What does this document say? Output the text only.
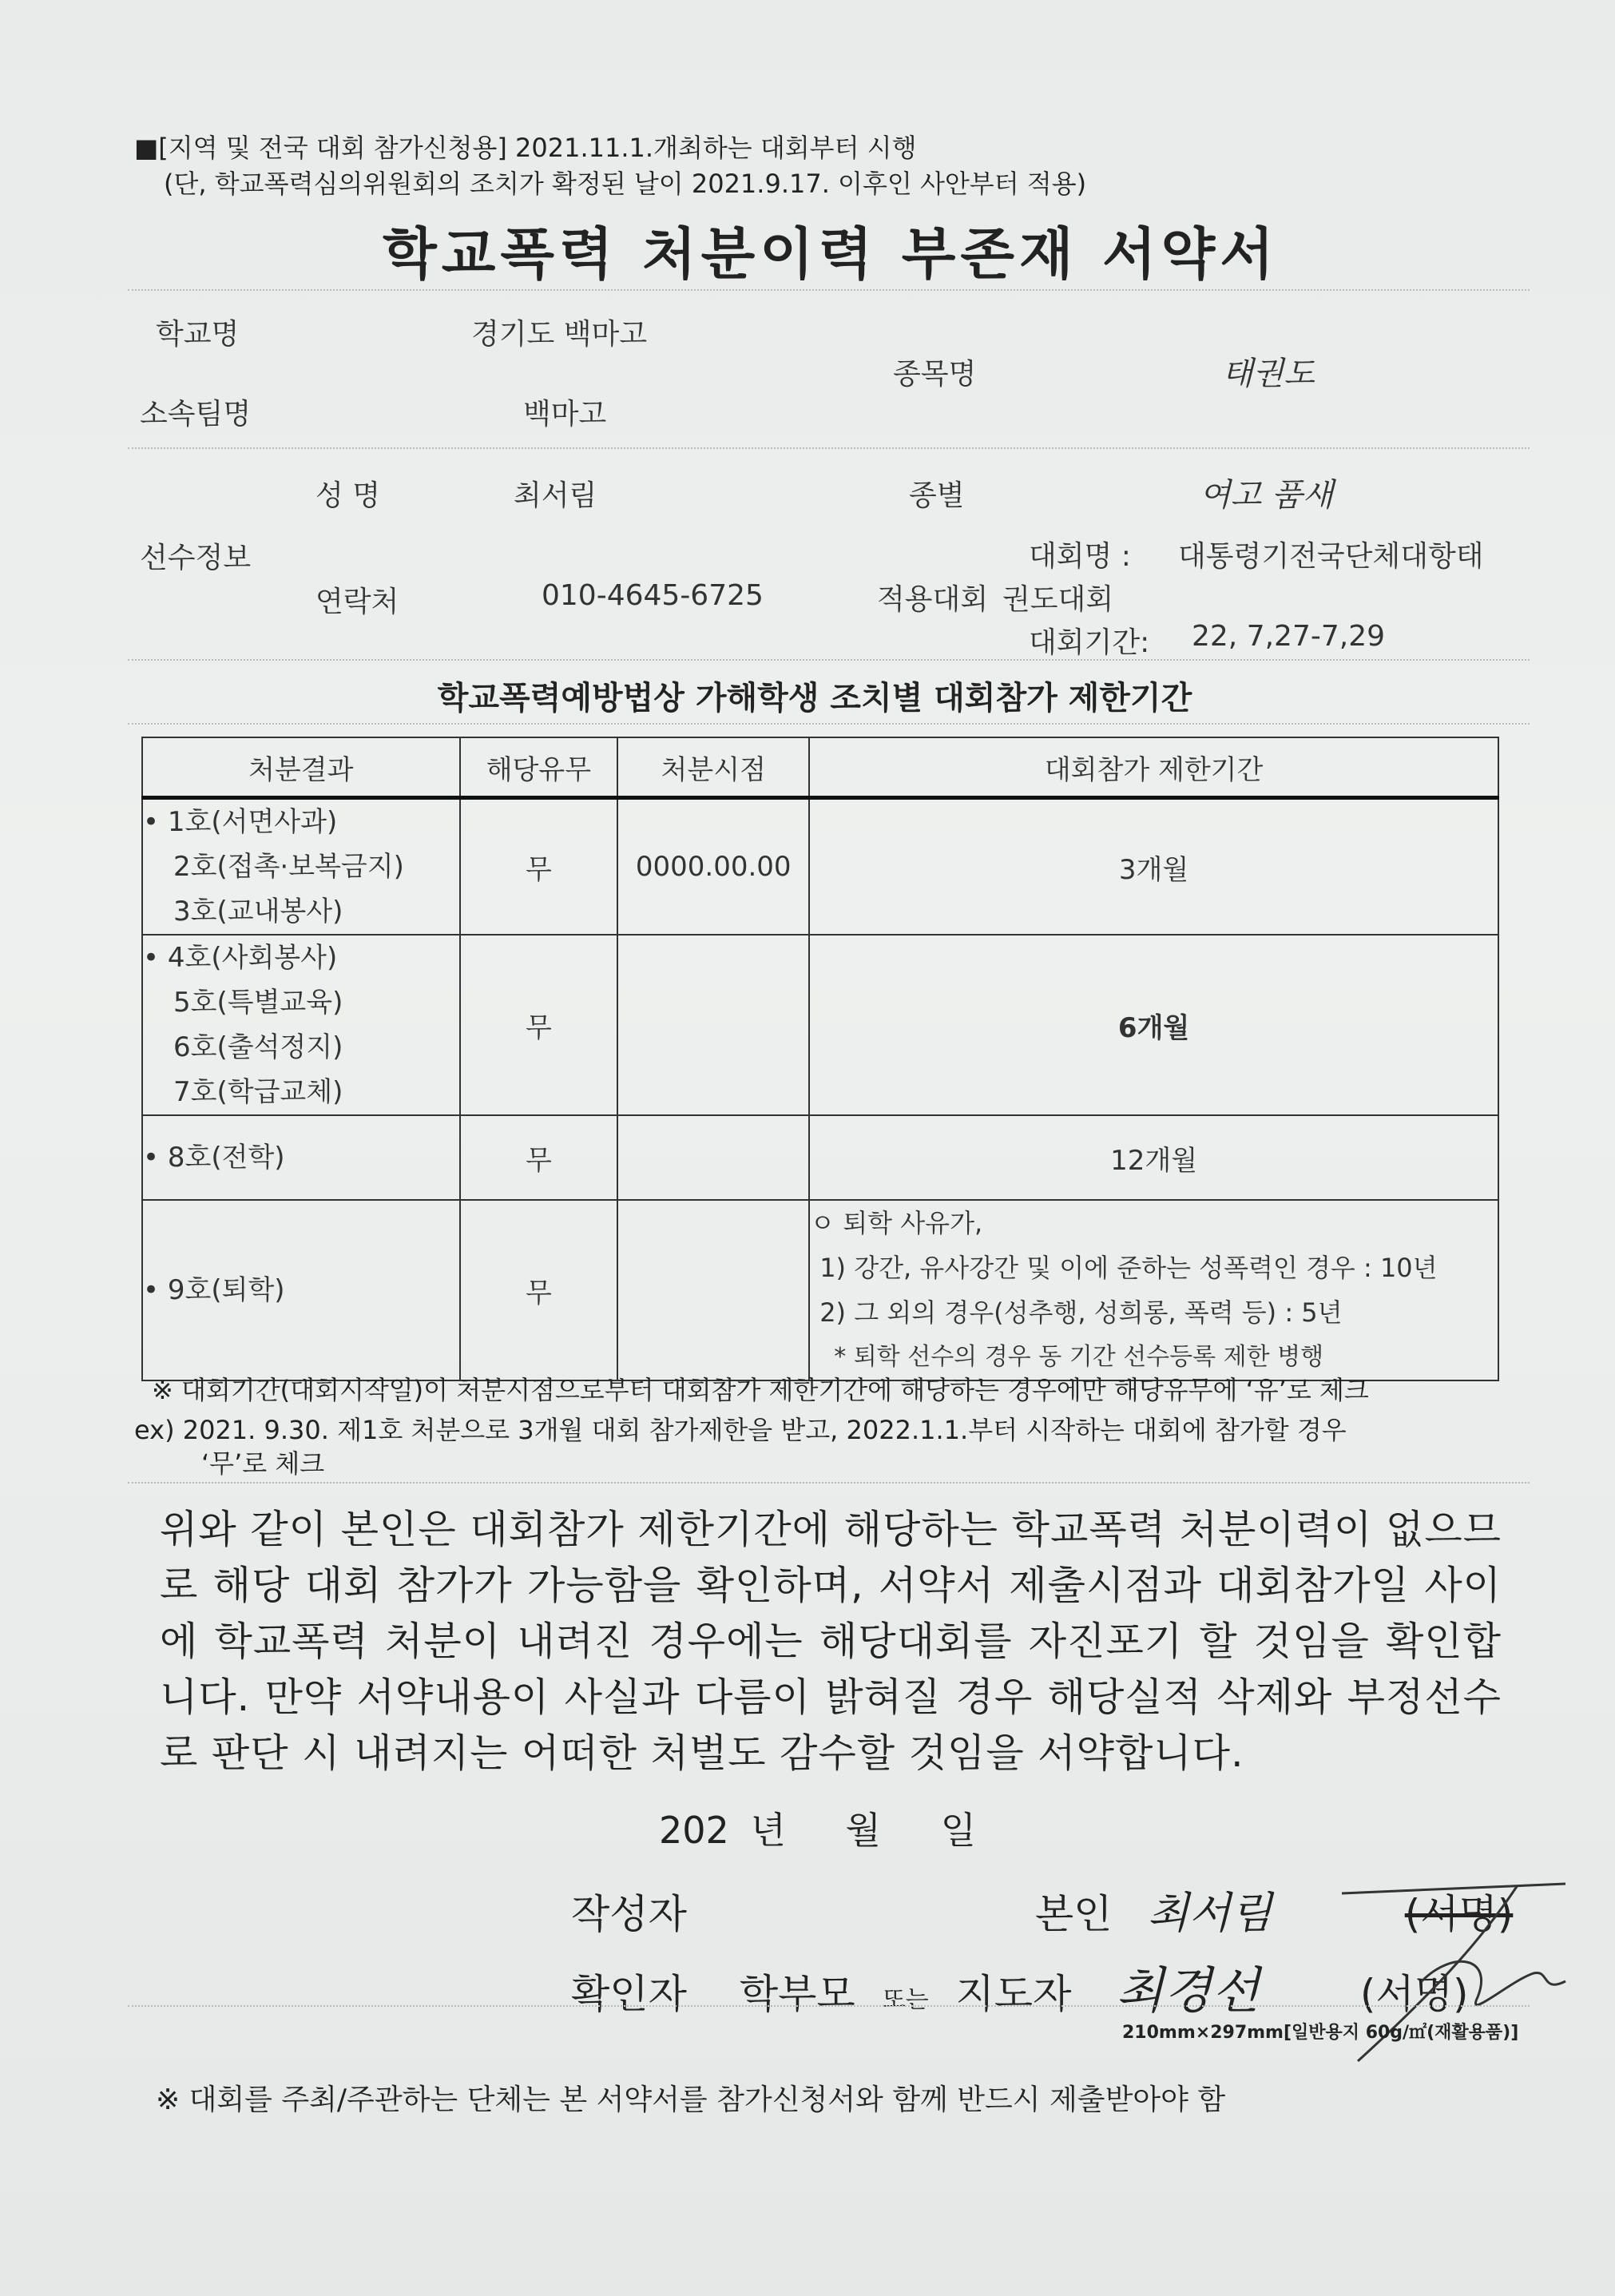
■[지역 및 전국 대회 참가신청용] 2021.11.1.개최하는 대회부터 시행
(단, 학교폭력심의위원회의 조치가 확정된 날이 2021.9.17. 이후인 사안부터 적용)
학교폭력 처분이력 부존재 서약서
학교명	경기도 백마고
종목명	태권도
소속팀명	백마고
성 명	최서림	종별	여고 품새
선수정보	대회명 : 대통령기전국단체대항태
연락처	010-4645-6725	적용대회 권도대회
대회기간: 22, 7,27-7,29
학교폭력예방법상 가해학생 조치별 대회참가 제한기간
처분결과	해당유무	처분시점	대회참가 제한기간

• 1호(서면사과)
2호(접촉·보복금지)
3호(교내봉사)	무	0000.00.00	3개월

• 4호(사회봉사)
5호(특별교육)
6호(출석정지)
7호(학급교체)	무		6개월

• 8호(전학)	무		12개월

• 9호(퇴학)	무		ㅇ 퇴학 사유가,
1) 강간, 유사강간 및 이에 준하는 성폭력인 경우 : 10년
2) 그 외의 경우(성추행, 성희롱, 폭력 등) : 5년
* 퇴학 선수의 경우 동 기간 선수등록 제한 병행
※ 대회기간(대회시작일)이 처분시점으로부터 대회참가 제한기간에 해당하는 경우에만 해당유무에 ‘유’로 체크
ex) 2021. 9.30. 제1호 처분으로 3개월 대회 참가제한을 받고, 2022.1.1.부터 시작하는 대회에 참가할 경우
‘무’로 체크
위와 같이 본인은 대회참가 제한기간에 해당하는 학교폭력 처분이력이 없으므로 해당 대회 참가가 가능함을 확인하며, 서약서 제출시점과 대회참가일 사이에 학교폭력 처분이 내려진 경우에는 해당대회를 자진포기 할 것임을 확인합니다. 만약 서약내용이 사실과 다름이 밝혀질 경우 해당실적 삭제와 부정선수로 판단 시 내려지는 어떠한 처벌도 감수할 것임을 서약합니다.
202 년 월 일
작성자	본인 최서림	(서명)
확인자 학부모 또는 지도자 최경선	(서명)
210mm×297mm[일반용지 60g/㎡(재활용품)]
※ 대회를 주최/주관하는 단체는 본 서약서를 참가신청서와 함께 반드시 제출받아야 함
